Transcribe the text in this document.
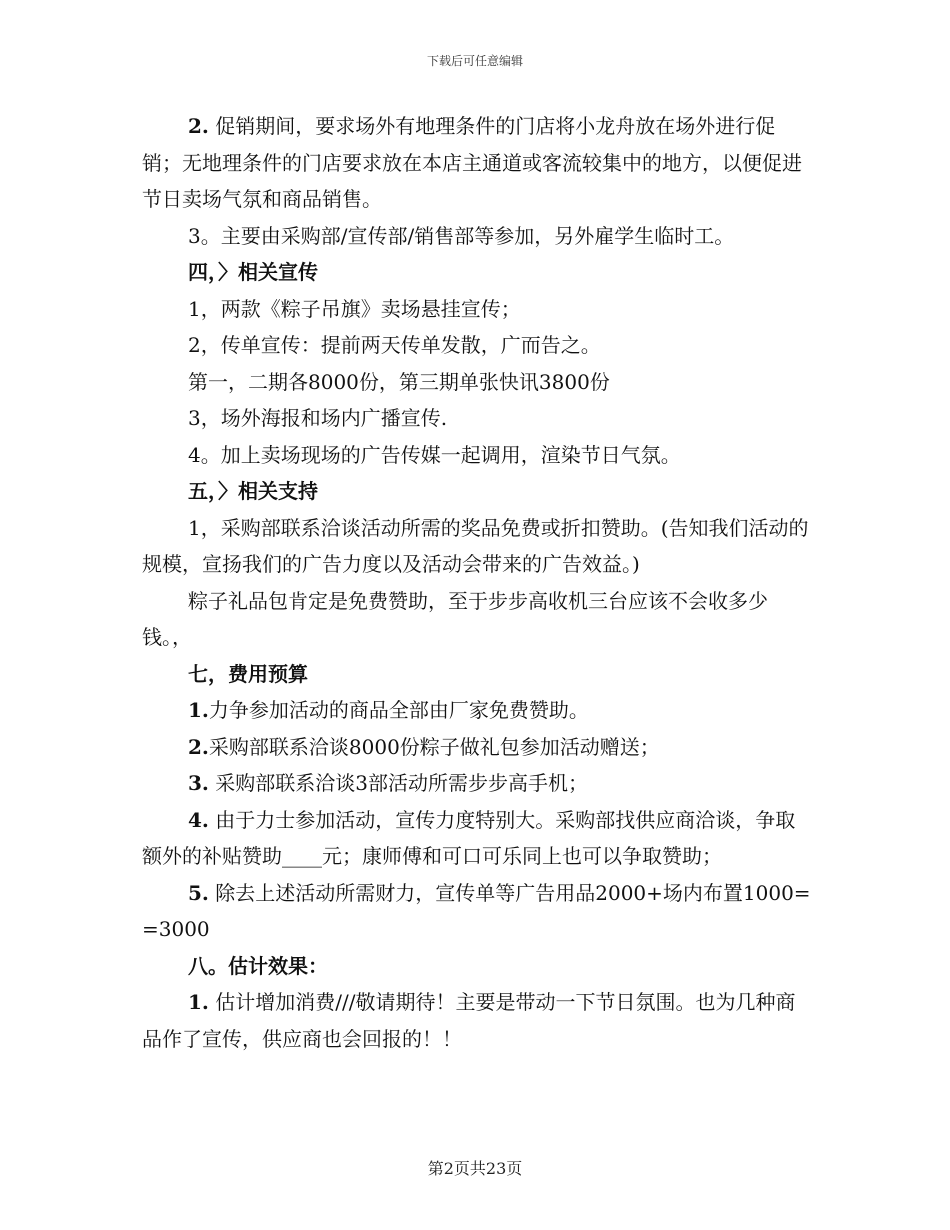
下载后可任意编辑

2. 促销期间，要求场外有地理条件的门店将小龙舟放在场外进行促销；无地理条件的门店要求放在本店主通道或客流较集中的地方，以便促进节日卖场气氛和商品销售。

3。主要由采购部/宣传部/销售部等参加，另外雇学生临时工。

四，〉相关宣传

1，两款《粽子吊旗》卖场悬挂宣传；

2，传单宣传：提前两天传单发散，广而告之。

第一，二期各8000份，第三期单张快讯3800份

3，场外海报和场内广播宣传.

4。加上卖场现场的广告传媒一起调用，渲染节日气氛。

五，〉相关支持

1，采购部联系洽谈活动所需的奖品免费或折扣赞助。(告知我们活动的规模，宣扬我们的广告力度以及活动会带来的广告效益。)

粽子礼品包肯定是免费赞助，至于步步高收机三台应该不会收多少钱。，

七，费用预算

1.力争参加活动的商品全部由厂家免费赞助。

2.采购部联系洽谈8000份粽子做礼包参加活动赠送；

3. 采购部联系洽谈3部活动所需步步高手机；

4. 由于力士参加活动，宣传力度特别大。采购部找供应商洽谈，争取额外的补贴赞助____元；康师傅和可口可乐同上也可以争取赞助；

5. 除去上述活动所需财力，宣传单等广告用品2000+场内布置1000==3000

八。估计效果：

1. 估计增加消费///敬请期待！主要是带动一下节日氛围。也为几种商品作了宣传，供应商也会回报的！！

第2页共23页
